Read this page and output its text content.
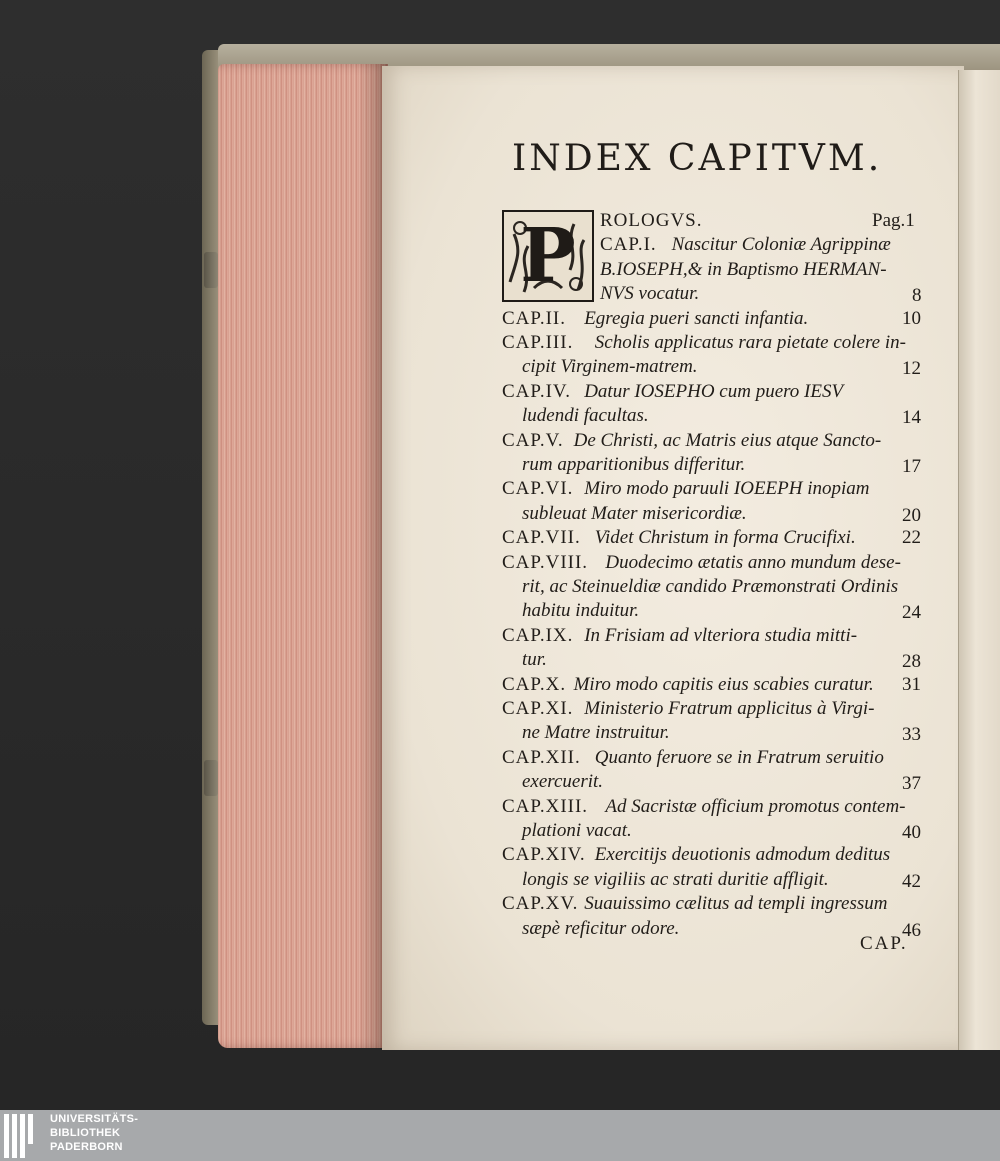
INDEX CAPITVM.
P ROLOGVS.	Pag.1
CAP.I. Nascitur Coloniæ Agrippinæ
B.IOSEPH,& in Baptismo HERMAN-
NVS vocatur.	8
CAP.II. Egregia pueri sancti infantia.	10
CAP.III. Scholis applicatus rara pietate colere in-
cipit Virginem-matrem.	12
CAP.IV. Datur IOSEPHO cum puero IESV
ludendi facultas.	14
CAP.V. De Christi, ac Matris eius atque Sancto-
rum apparitionibus differitur.	17
CAP.VI. Miro modo paruuli IOEEPH inopiam
subleuat Mater misericordiæ.	20
CAP.VII. Videt Christum in forma Crucifixi. 22
CAP.VIII. Duodecimo ætatis anno mundum dese-
rit, ac Steinueldiæ candido Præmonstrati Ordinis
habitu induitur.	24
CAP.IX. In Frisiam ad vlteriora studia mitti-
tur.	28
CAP.X. Miro modo capitis eius scabies curatur. 31
CAP.XI. Ministerio Fratrum applicitus à Virgi-
ne Matre instruitur.	33
CAP.XII. Quanto feruore se in Fratrum seruitio
exercuerit.	37
CAP.XIII. Ad Sacristæ officium promotus contem-
plationi vacat.	40
CAP.XIV. Exercitijs deuotionis admodum deditus
longis se vigiliis ac strati duritie affligit.	42
CAP.XV. Suauissimo cælitus ad templi ingressum
sæpè reficitur odore.	46
CAP.
UNIVERSITÄTS-
BIBLIOTHEK
PADERBORN
